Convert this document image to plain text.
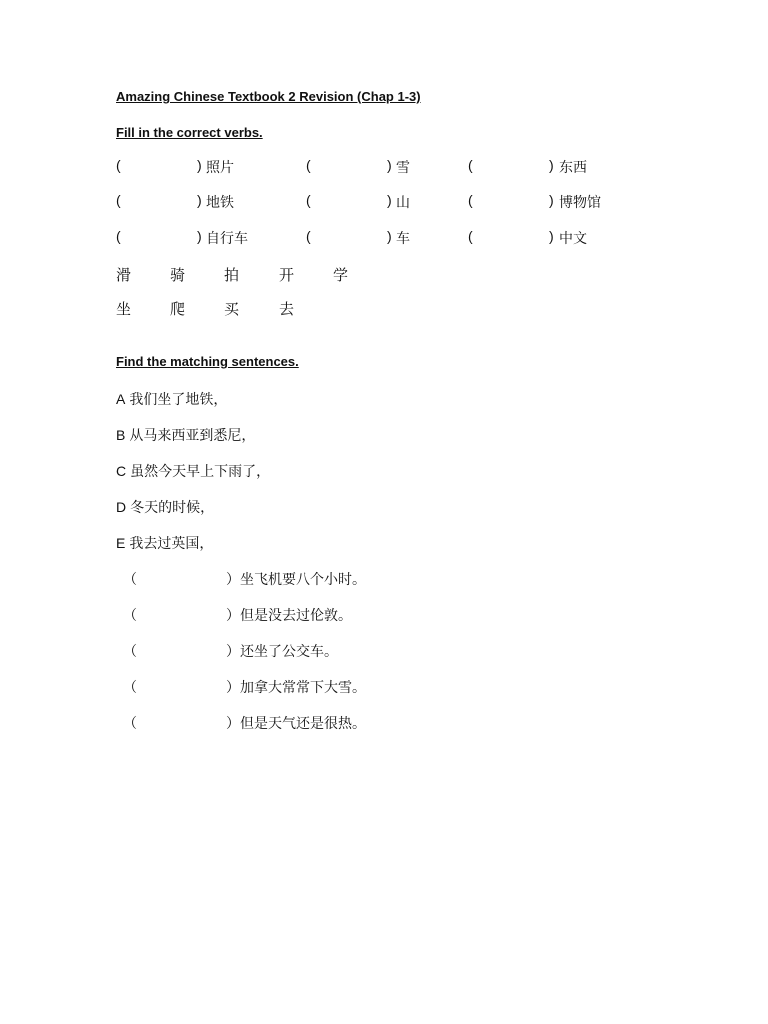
Amazing Chinese Textbook 2 Revision (Chap 1-3)
Fill in the correct verbs.
(	) 照片	(	) 雪	(	) 东西
(	) 地铁	(	) 山	(	) 博物馆
(	) 自行车	(	) 车	(	) 中文
滑	骑	拍	开	学
坐	爬	买	去
Find the matching sentences.
A 我们坐了地铁，
B 从马来西亚到悉尼，
C 虽然今天早上下雨了，
D 冬天的时候，
E 我去过英国，
（	） 坐飞机要八个小时。
（	） 但是没去过伦敦。
（	） 还坐了公交车。
（	） 加拿大常常下大雪。
（	） 但是天气还是很热。
